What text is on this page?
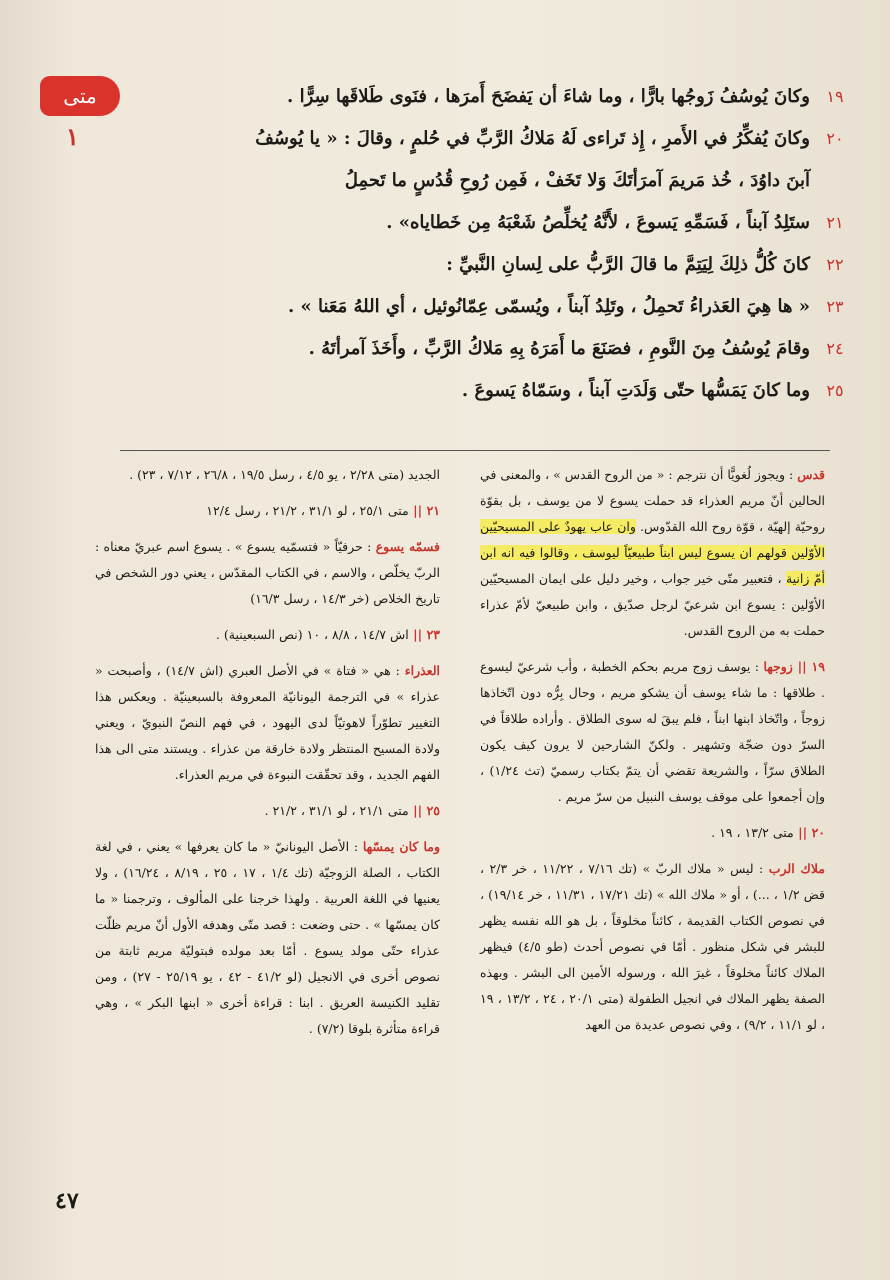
متى
١
١٩
وكانَ يُوسُفُ زَوجُها بارًّا ، وما شاءَ أن يَفضَحَ أَمرَها ، فنَوى طَلاقَها سِرًّا .
٢٠
وكانَ يُفكِّرُ في الأَمرِ ، إِذ تَراءى لَهُ مَلاكُ الرَّبِّ في حُلمٍ ، وقالَ : « يا يُوسُفُ
آبنَ داوُدَ ، خُذ مَريمَ آمرَأتَكَ وَلا تَخَفْ ، فَمِن رُوحِ قُدُسٍ ما تَحمِلُ
٢١
ستَلِدُ آبناً ، فَسَمِّهِ يَسوعَ ، لأَنَّهُ يُخلِّصُ شَعْبَهُ مِن خَطاياه» .
٢٢
كانَ كُلُّ ذلِكَ لِيَتِمَّ ما قالَ الرَّبُّ على لِسانِ النَّبيِّ :
٢٣
« ها هِيَ العَذراءُ تَحمِلُ ، وتَلِدُ آبناً ، ويُسمّى عِمّانُوئيل ، أي اللهُ مَعَنا » .
٢٤
وقامَ يُوسُفُ مِنَ النَّومِ ، فصَنَعَ ما أَمَرَهُ بِهِ مَلاكُ الرَّبِّ ، وأَخَذَ آمرأتَهُ .
٢٥
وما كانَ يَمَسُّها حتّى وَلَدَتِ آبناً ، وسَمّاهُ يَسوعَ .
قدس : ويجوز لُغويًّا أن نترجم : « من الروح القدس » ، والمعنى في الحالين أنّ مريم العذراء قد حملت يسوع لا من يوسف ، بل بقوّة روحيّة إلهيّة ، قوّة روح الله القدّوس. وان عاب يهودٌ على المسيحيّين الأوّلين قولهم ان يسوع ليس ابناً طبيعيّاً ليوسف ، وقالوا فيه انه ابن أمّ زانية ، فتعبير متّى خير جواب ، وخير دليل على ايمان المسيحيّين الأوّلين : يسوع ابن شرعيّ لرجل صدّيق ، وابن طبيعيّ لأمّ عذراء حملت به من الروح القدس.
١٩ || زوجها : يوسف زوج مريم بحكم الخطبة ، وأب شرعيّ ليسوع . طلاقها : ما شاء يوسف أن يشكو مريم ، وحال بِرُّه دون اتّخاذها زوجاً ، واتّخاذ ابنها ابناً ، فلم يبقَ له سوى الطلاق . وأراده طلاقاً في السرّ دون ضجّة وتشهير . ولكنّ الشارحين لا يرون كيف يكون الطلاق سرّاً ، والشريعة تقضي أن يتمّ بكتاب رسميّ (تث ١/٢٤) ، وإن أجمعوا على موقف يوسف النبيل من سرّ مريم .
٢٠ || متى ١٣/٢ ، ١٩ .
ملاك الرب : ليس « ملاك الربّ » (تك ٧/١٦ ، ١١/٢٢ ، خر ٢/٣ ، قض ١/٢ ، ...) ، أو « ملاك الله » (تك ١٧/٢١ ، ١١/٣١ ، خر ١٩/١٤) ، في نصوص الكتاب القديمة ، كائناً مخلوقاً ، بل هو الله نفسه يظهر للبشر في شكل منظور . أمّا في نصوص أحدث (طو ٤/٥) فيظهر الملاك كائناً مخلوقاً ، غيرَ الله ، ورسوله الأمين الى البشر . وبهذه الصفة يظهر الملاك في انجيل الطفولة (متى ٢٠/١ ، ٢٤ ، ١٣/٢ ، ١٩ ، لو ١١/١ ، ٩/٢) ، وفي نصوص عديدة من العهد
الجديد (متى ٢/٢٨ ، يو ٤/٥ ، رسل ١٩/٥ ، ٢٦/٨ ، ٧/١٢ ، ٢٣) .
٢١ || متى ٢٥/١ ، لو ٣١/١ ، ٢١/٢ ، رسل ١٢/٤
فسمّه يسوع : حرفيّاً « فتسمّيه يسوع » . يسوع اسم عبريّ معناه : الربّ يخلّص ، والاسم ، في الكتاب المقدّس ، يعني دور الشخص في تاريخ الخلاص (خر ١٤/٣ ، رسل ١٦/٣)
٢٣ || اش ١٤/٧ ، ٨/٨ ، ١٠ (نص السبعينية) .
العذراء : هي « فتاة » في الأصل العبري (اش ١٤/٧) ، وأصبحت « عذراء » في الترجمة اليونانيّة المعروفة بالسبعينيّة . ويعكس هذا التغيير تطوّراً لاهوتيّاً لدى اليهود ، في فهم النصّ النبويّ ، ويعني ولادة المسيح المنتظر ولادة خارقة من عذراء . ويستند متى الى هذا الفهم الجديد ، وقد تحقّقت النبوءة في مريم العذراء.
٢٥ || متى ٢١/١ ، لو ٣١/١ ، ٢١/٢ .
وما كان يمسّها : الأصل اليونانيّ « ما كان يعرفها » يعني ، في لغة الكتاب ، الصلة الزوجيّة (تك ١/٤ ، ١٧ ، ٢٥ ، ٨/١٩ ، ١٦/٢٤) ، ولا يعنيها في اللغة العربية . ولهذا خرجنا على المألوف ، وترجمنا « ما كان يمسّها » . حتى وضعت : قصد متّى وهدفه الأول أنّ مريم ظلّت عذراء حتّى مولد يسوع . أمّا بعد مولده فبتوليّة مريم ثابتة من نصوص أخرى في الانجيل (لو ٤١/٢ - ٤٢ ، يو ٢٥/١٩ - ٢٧) ، ومن تقليد الكنيسة العريق . ابنا : قراءة أخرى « ابنها البكر » ، وهي قراءة متأثرة بلوقا (٧/٢) .
٤٧
